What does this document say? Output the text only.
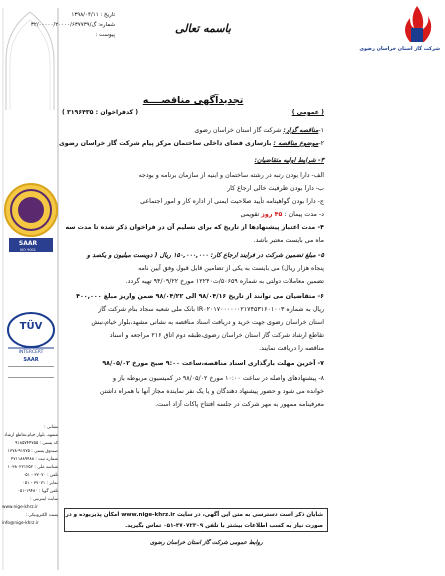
SAAR
ISO 9001
TÜV
INTERCERT
SAAR
نشانی :
مشهد، بلوار خیام،تقاطع ارشاد
کد پستی : ۹۱۸۵۷۴۴۷۵۵
صندوق پستی : ۹۱۷۷۵-۱۳۷۸
شماره ثبت : ۴۷۱۱۸۸۹۴۸۸
شناسه ملی : ۱۰۳۸۰۲۲۱۲۵۲
تلفن : ۳۷۰۷۰ - ۰۵۱
نمابر : ۳۷۰۷۱ - ۰۵۱
تلفن گویا : ۱۹۴۸۰-۰۵۱
سایت اینترنتی :
www.nige-khrz.ir
پست الکترونیکی :
info@nige-khrz.ir
شرکت گاز استان خراسان رضوی
تاریخ : ۱۳۹۸/۰۴/۱۱
شماره: گ/۳۲/۰۰۰۰۰/۲۰۰۰۰/۶۳۷۷۳۹
پیوست :	باسمه تعالی
تجدیدآگهی مناقصــــه
( عمومی )
( کدفراخوان : ۳۱۹۶۴۳۵ )
۱-مناقصه گزار: شرکت گاز استان خراسان رضوی
۲-موضوع مناقصه : بازسازی فضای داخلی ساختمان مرکز پیام شرکت گاز خراسان رضوی
۳- شرایط اولیه متقاضیان:
الف- دارا بودن رتبه در رشته ساختمان و ابنیه از سازمان برنامه و بودجه
ب- دارا بودن ظرفیت خالی ارجاع کار
ج- دارا بودن گواهینامه تأیید صلاحیت ایمنی از اداره کار و امور اجتماعی
د- مدت پیمان : ۴۵ روز تقویمی
۴- مدت اعتبار پیشنهادها از تاریخ که برای تسلیم آن در فراخوان ذکر شده تا مدت سه
ماه می بایست معتبر باشد.
۵- مبلغ تضمین شرکت در فرایند ارجاع کار: ۱۵۰,۰۰۰,۰۰۰ ریال ( دویست میلیون و یکصد و
پنجاه هزار ریال) می بایست به یکی از تضامین قابل قبول وفق آیین نامه
تضمین معاملات دولتی به شماره ۵۰۶۵۹/ت۱۲۲۴۰ مورخ ۹۴/۰۹/۲۲ تهیه گردد.
۶- متقاضیان می توانند از تاریخ ۹۸/۰۴/۱۶ الی ۹۸/۰۴/۲۲ ضمن واریز مبلغ ۴۰۰,۰۰۰
ریال به شماره IR۰۲۰۱۷۰۰۰۰۰۰۲۱۷۴۵۳۱۶۰۱۰۰۳ بانک ملی شعبه سجاد بنام شرکت گاز
استان خراسان رضوی جهت خرید و دریافت اسناد مناقصه به نشانی مشهد،بلوار خیام،نبش
تقاطع ارشاد شرکت گاز استان خراسان رضوی،طبقه دوم اتاق ۲۱۶ مراجعه و اسناد
مناقصه را دریافت نمایند.
۷- آخرین مهلت بارگذاری اسناد مناقصه،ساعت ۹:۰۰ صبح مورخ ۹۸/۰۵/۰۲
۸- پیشنهادهای واصله در ساعت ۱۰:۰۰ مورخ ۹۸/۰۵/۰۲ در کمیسیون مربوطه باز و
خوانده می شود و حضور پیشنهاد دهندگان و یا یک نفر نماینده مجاز آنها با همراه داشتن
معرفینامه ممهور به مهر شرکت در جلسه افتتاح پاکات آزاد است.
شایان ذکر است دسترسی به متن این آگهی، در سایت www.nige-khrz.ir امکان پذیربوده و در
صورت نیاز به کسب اطلاعات بیشتر با تلفن ۳۷۰۷۲۳۰۹-۰۵۱ تماس بگیرید.
روابط عمومی شرکت گاز استان خراسان رضوی
